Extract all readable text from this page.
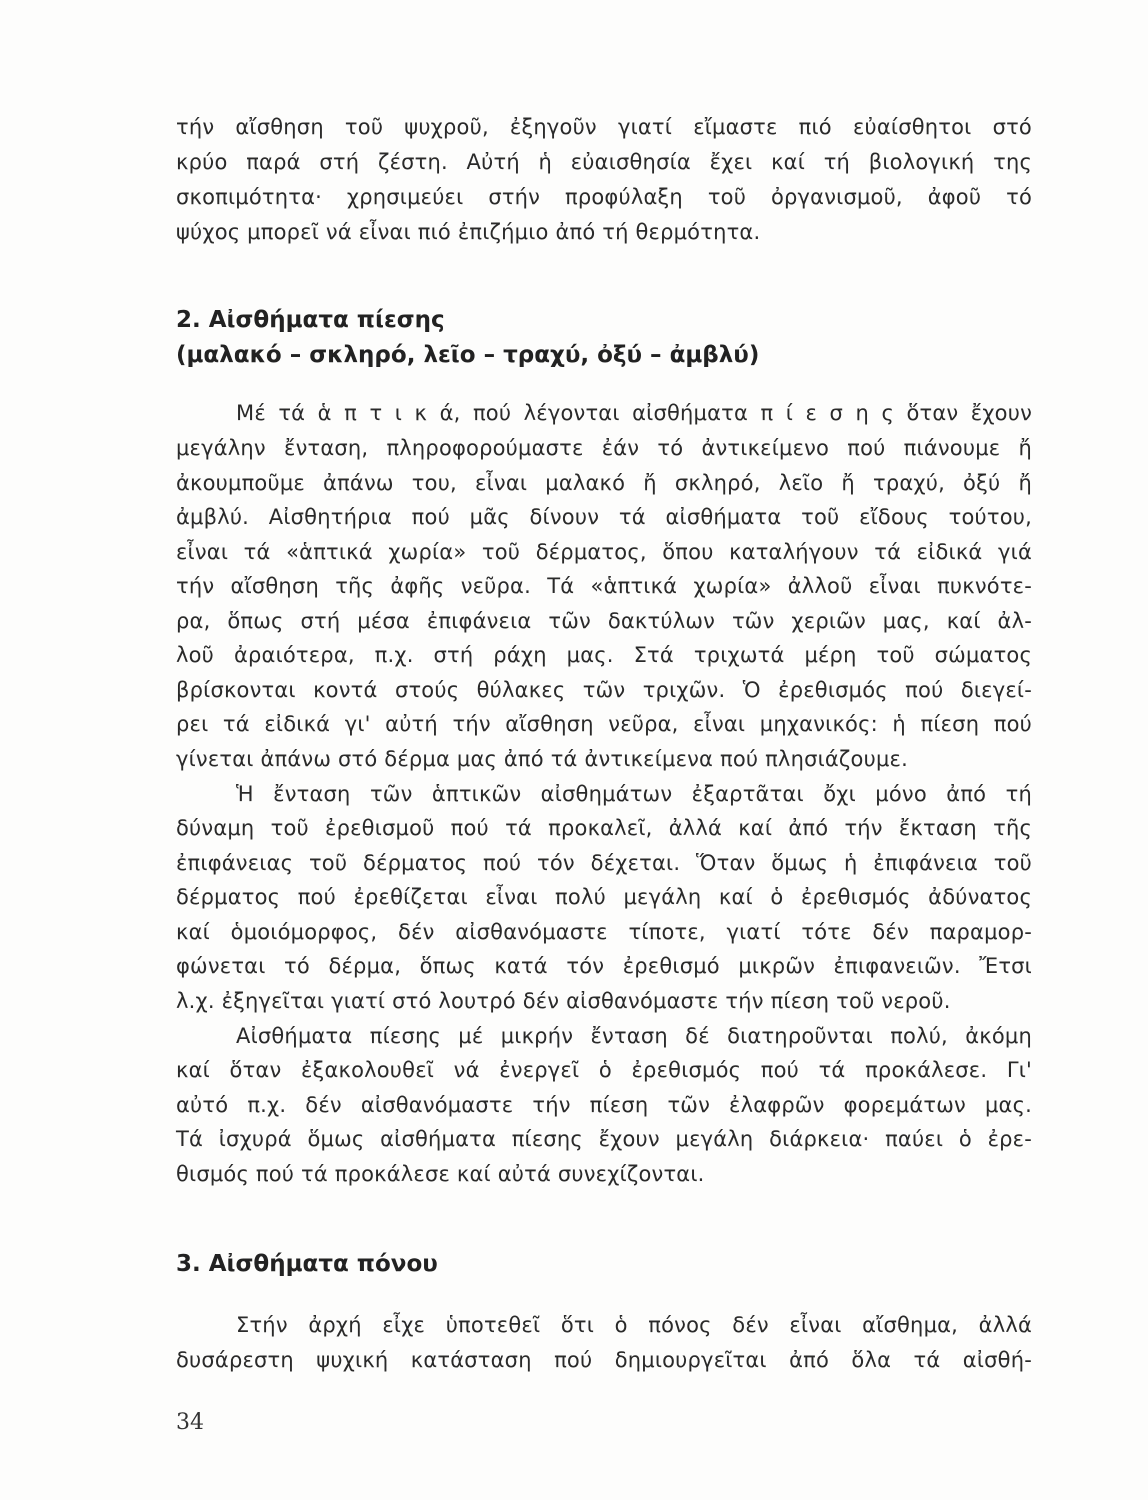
τήν αἴσθηση τοῦ ψυχροῦ, ἐξηγοῦν γιατί εἴμαστε πιό εὐαίσθητοι στό
κρύο παρά στή ζέστη. Αὐτή ἡ εὐαισθησία ἔχει καί τή βιολογική της
σκοπιμότητα· χρησιμεύει στήν προφύλαξη τοῦ ὀργανισμοῦ, ἀφοῦ τό
ψύχος μπορεῖ νά εἶναι πιό ἐπιζήμιο ἀπό τή θερμότητα.
2. Αἰσθήματα πίεσης
(μαλακό – σκληρό, λεῖο – τραχύ, ὀξύ – ἀμβλύ)
Μέ τά ἁ π τ ι κ ά, πού λέγονται αἰσθήματα π ί ε σ η ς ὅταν ἔχουν
μεγάλην ἔνταση, πληροφορούμαστε ἐάν τό ἀντικείμενο πού πιάνουμε ἤ
ἀκουμποῦμε ἀπάνω του, εἶναι μαλακό ἤ σκληρό, λεῖο ἤ τραχύ, ὀξύ ἤ
ἀμβλύ. Αἰσθητήρια πού μᾶς δίνουν τά αἰσθήματα τοῦ εἴδους τούτου,
εἶναι τά «ἁπτικά χωρία» τοῦ δέρματος, ὅπου καταλήγουν τά εἰδικά γιά
τήν αἴσθηση τῆς ἀφῆς νεῦρα. Τά «ἁπτικά χωρία» ἀλλοῦ εἶναι πυκνότε-
ρα, ὅπως στή μέσα ἐπιφάνεια τῶν δακτύλων τῶν χεριῶν μας, καί ἀλ-
λοῦ ἀραιότερα, π.χ. στή ράχη μας. Στά τριχωτά μέρη τοῦ σώματος
βρίσκονται κοντά στούς θύλακες τῶν τριχῶν. Ὁ ἐρεθισμός πού διεγεί-
ρει τά εἰδικά γι' αὐτή τήν αἴσθηση νεῦρα, εἶναι μηχανικός: ἡ πίεση πού
γίνεται ἀπάνω στό δέρμα μας ἀπό τά ἀντικείμενα πού πλησιάζουμε.
Ἡ ἔνταση τῶν ἁπτικῶν αἰσθημάτων ἐξαρτᾶται ὄχι μόνο ἀπό τή
δύναμη τοῦ ἐρεθισμοῦ πού τά προκαλεῖ, ἀλλά καί ἀπό τήν ἔκταση τῆς
ἐπιφάνειας τοῦ δέρματος πού τόν δέχεται. Ὅταν ὅμως ἡ ἐπιφάνεια τοῦ
δέρματος πού ἐρεθίζεται εἶναι πολύ μεγάλη καί ὁ ἐρεθισμός ἀδύνατος
καί ὁμοιόμορφος, δέν αἰσθανόμαστε τίποτε, γιατί τότε δέν παραμορ-
φώνεται τό δέρμα, ὅπως κατά τόν ἐρεθισμό μικρῶν ἐπιφανειῶν. Ἔτσι
λ.χ. ἐξηγεῖται γιατί στό λουτρό δέν αἰσθανόμαστε τήν πίεση τοῦ νεροῦ.
Αἰσθήματα πίεσης μέ μικρήν ἔνταση δέ διατηροῦνται πολύ, ἀκόμη
καί ὅταν ἐξακολουθεῖ νά ἐνεργεῖ ὁ ἐρεθισμός πού τά προκάλεσε. Γι'
αὐτό π.χ. δέν αἰσθανόμαστε τήν πίεση τῶν ἐλαφρῶν φορεμάτων μας.
Τά ἰσχυρά ὅμως αἰσθήματα πίεσης ἔχουν μεγάλη διάρκεια· παύει ὁ ἐρε-
θισμός πού τά προκάλεσε καί αὐτά συνεχίζονται.
3. Αἰσθήματα πόνου
Στήν ἀρχή εἶχε ὑποτεθεῖ ὅτι ὁ πόνος δέν εἶναι αἴσθημα, ἀλλά
δυσάρεστη ψυχική κατάσταση πού δημιουργεῖται ἀπό ὅλα τά αἰσθή-
34
